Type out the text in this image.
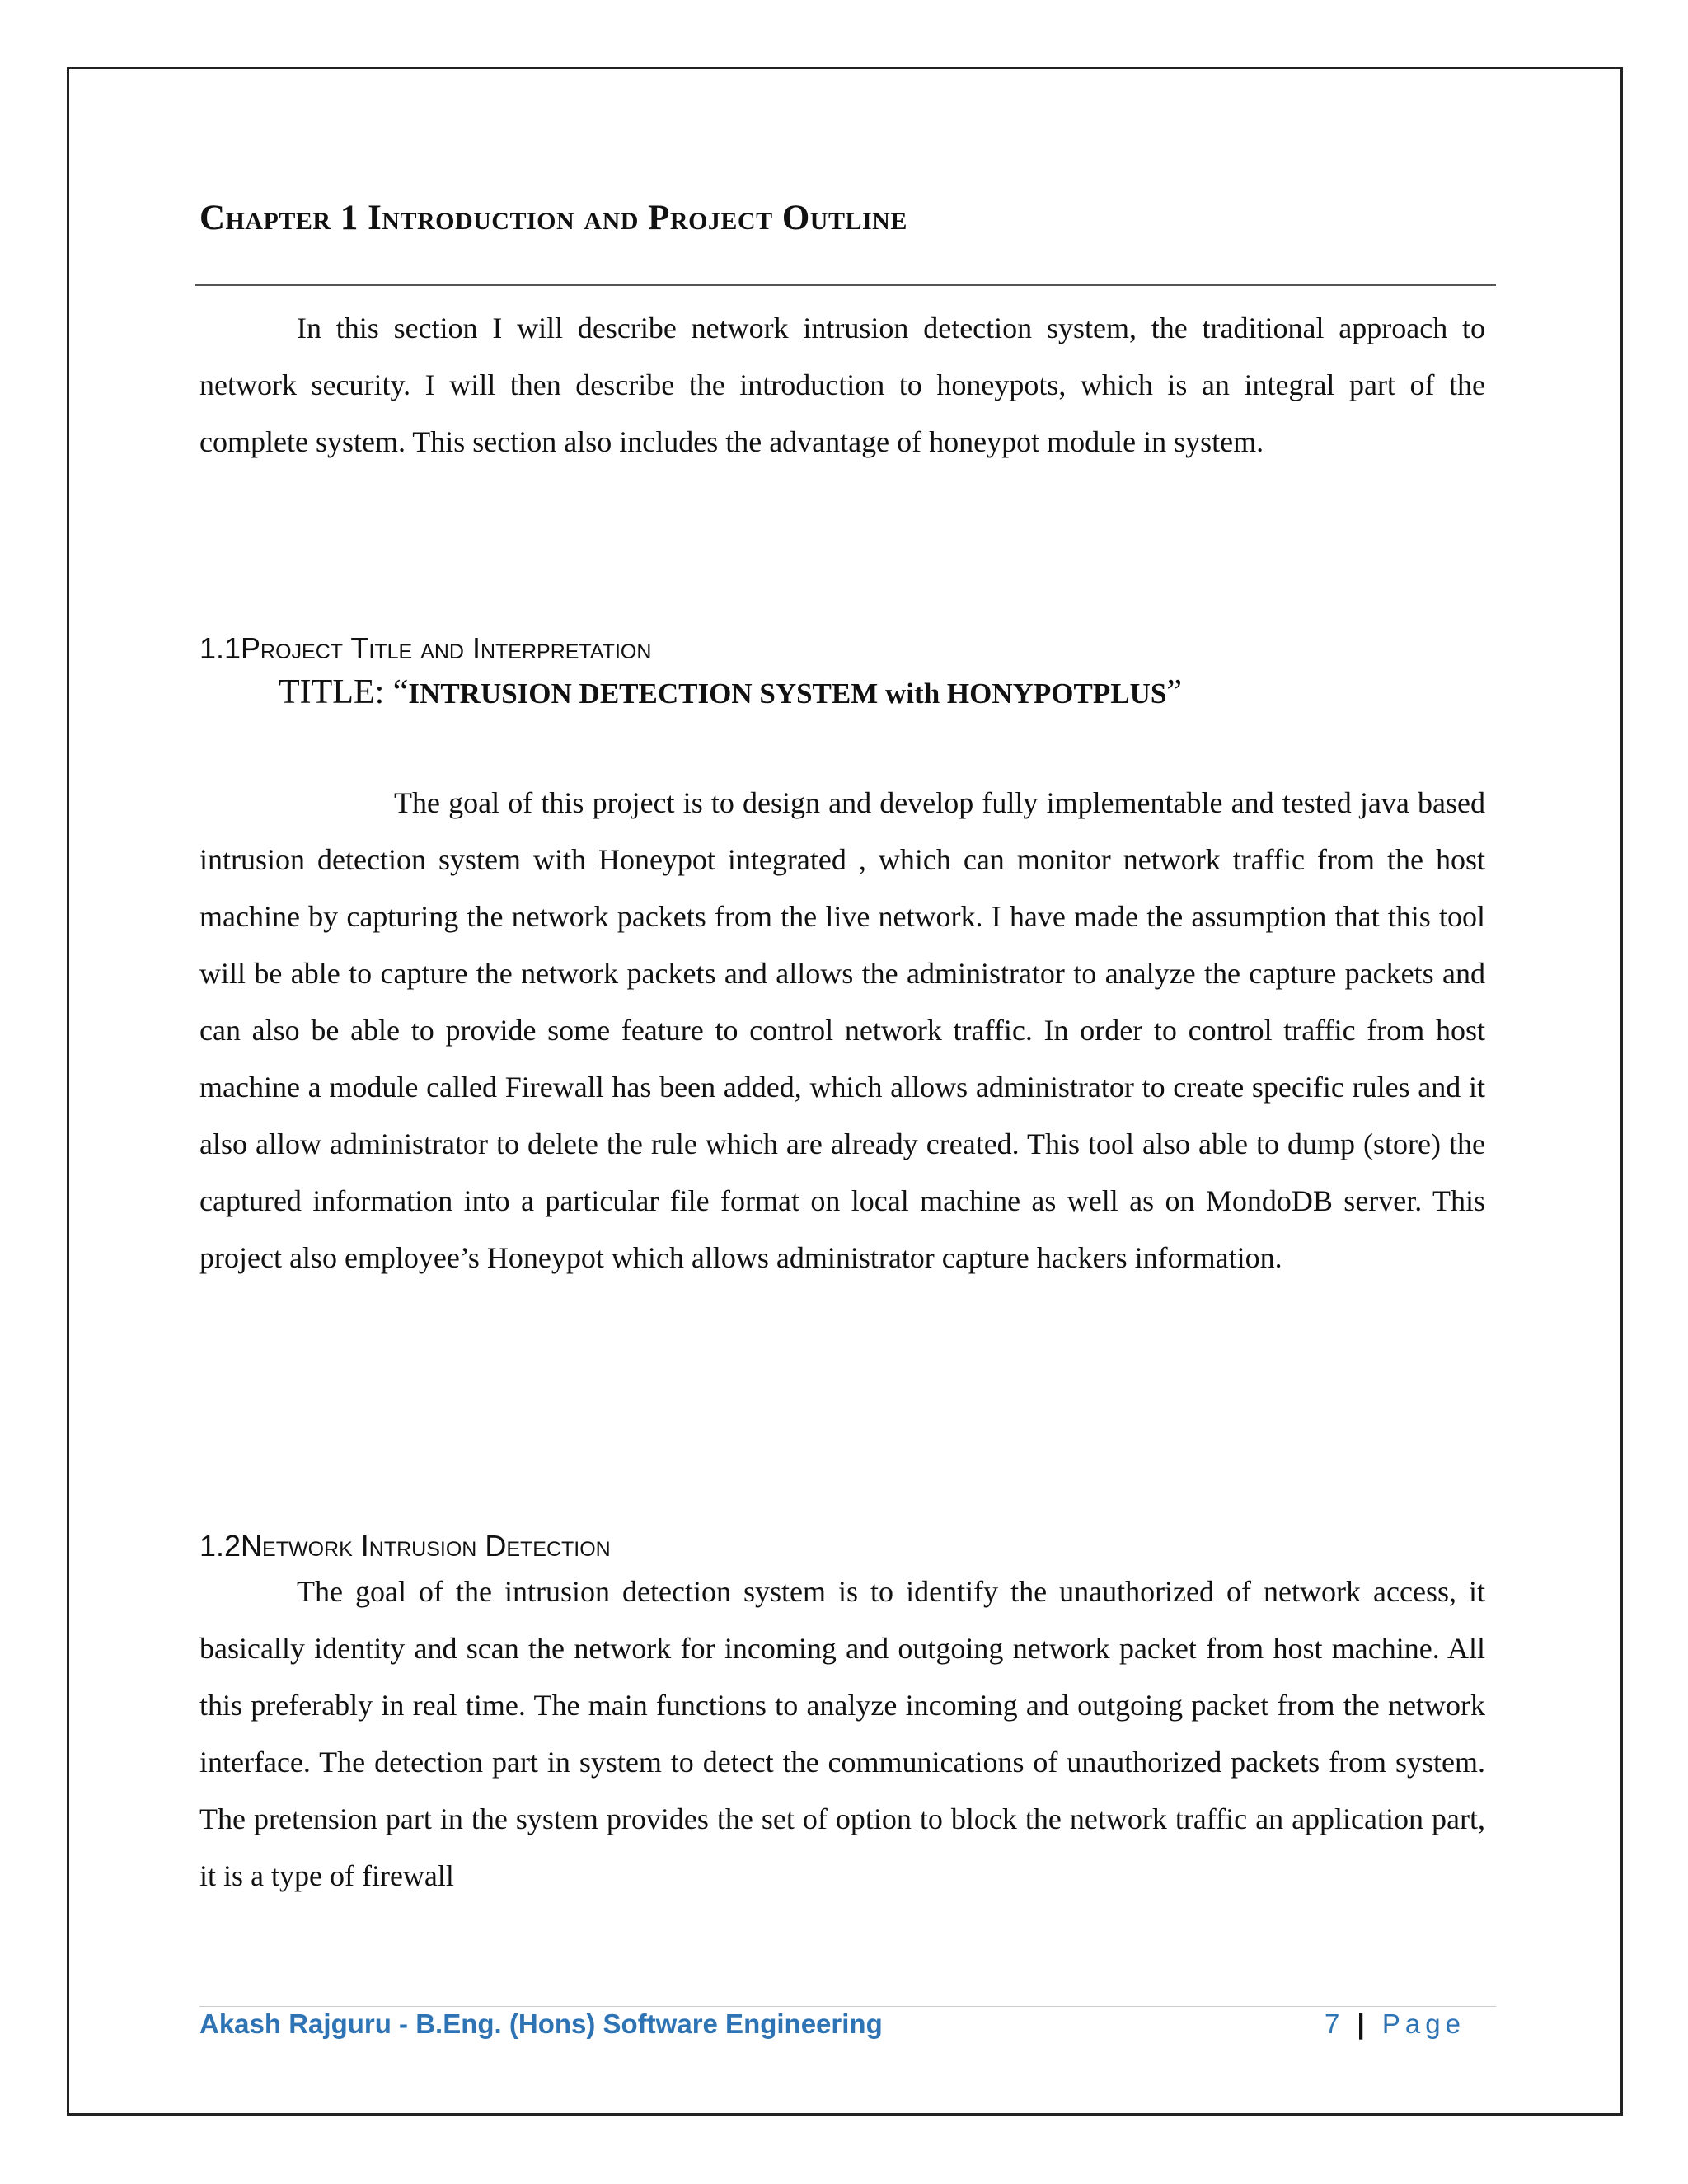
Chapter 1 Introduction and Project Outline

In this section I will describe network intrusion detection system, the traditional approach to network security. I will then describe the introduction to honeypots, which is an integral part of the complete system. This section also includes the advantage of honeypot module in system.

1.1Project Title and Interpretation
TITLE: “INTRUSION DETECTION SYSTEM with HONYPOTPLUS”

The goal of this project is to design and develop fully implementable and tested java based intrusion detection system with Honeypot integrated , which can monitor network traffic from the host machine by capturing the network packets from the live network. I have made the assumption that this tool will be able to capture the network packets and allows the administrator to analyze the capture packets and can also be able to provide some feature to control network traffic. In order to control traffic from host machine a module called Firewall has been added, which allows administrator to create specific rules and it also allow administrator to delete the rule which are already created. This tool also able to dump (store) the captured information into a particular file format on local machine as well as on MondoDB server. This project also employee’s Honeypot which allows administrator capture hackers information.

1.2Network Intrusion Detection

The goal of the intrusion detection system is to identify the unauthorized of network access, it basically identity and scan the network for incoming and outgoing network packet from host machine. All this preferably in real time. The main functions to analyze incoming and outgoing packet from the network interface. The detection part in system to detect the communications of unauthorized packets from system. The pretension part in the system provides the set of option to block the network traffic an application part, it is a type of firewall

Akash Rajguru - B.Eng. (Hons) Software Engineering	7 | Page
